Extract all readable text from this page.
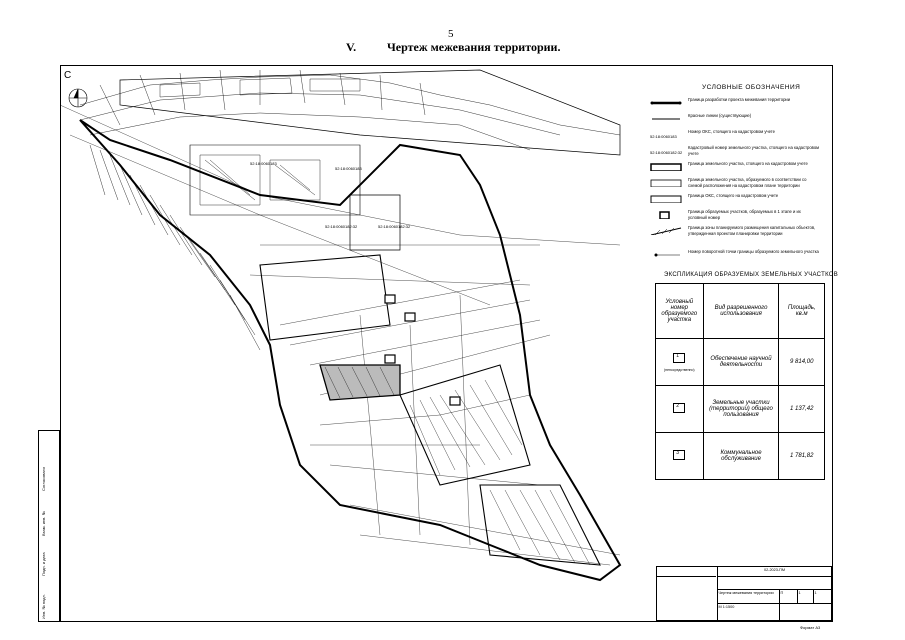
5
V.	Чертеж межевания территории.
52:18:0060183
52:18:0060183
52:18:0060182:32	52:18:0060182:32
С
УСЛОВНЫЕ ОБОЗНАЧЕНИЯ
Граница разработки проекта межевания территории
Красные линии (существующие)
52:18:0060183
Номер ОКС, стоящего на кадастровом учете
52:18:0060182:32
Кадастровый номер земельного участка, стоящего на кадастровом учете
Граница земельного участка, стоящего на кадастровом учете
Граница земельного участка, образуемого в соответствии со схемой расположения на кадастровом плане территории
Граница ОКС, стоящего на кадастровом учете
Граница образуемых участков, образуемых в 1 этапе и их условный номер
Граница зоны планируемого размещения капитальных объектов, утвержденная проектом планировки территории
Номер поворотной точки границы образуемого земельного участка
ЭКСПЛИКАЦИЯ ОБРАЗУЕМЫХ ЗЕМЕЛЬНЫХ УЧАСТКОВ
Условный номер образуемого участка	Вид разрешенного использования	Площадь, кв.м

1
(непосредственно)	Обеспечение научной деятельности	9 814,00

2	Земельные участки (территории) общего пользования	1 137,42

3	Коммунальное обслуживание	1 781,82
02-2023-ПМ
Чертеж межевания территории	П	1	1
М 1:1500
Формат А3
Согласовано
Взам. инв. №
Подп. и дата
Инв. № подл.
